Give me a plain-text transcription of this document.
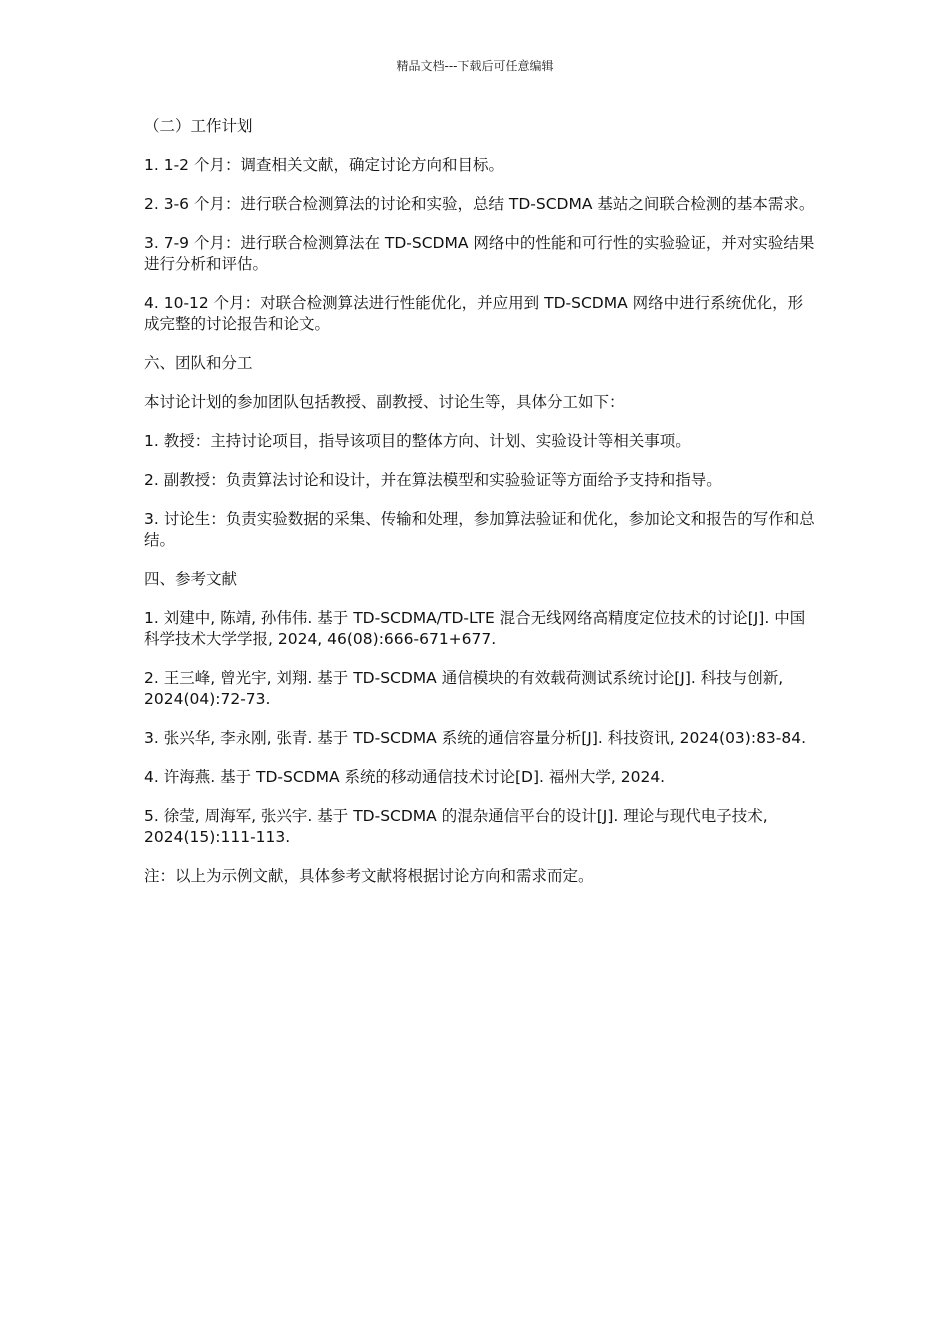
精品文档---下载后可任意编辑

（二）工作计划

1. 1-2 个月：调查相关文献，确定讨论方向和目标。

2. 3-6 个月：进行联合检测算法的讨论和实验，总结 TD-SCDMA 基站之间联合检测的基本需求。

3. 7-9 个月：进行联合检测算法在 TD-SCDMA 网络中的性能和可行性的实验验证，并对实验结果进行分析和评估。

4. 10-12 个月：对联合检测算法进行性能优化，并应用到 TD-SCDMA 网络中进行系统优化，形成完整的讨论报告和论文。

六、团队和分工

本讨论计划的参加团队包括教授、副教授、讨论生等，具体分工如下：

1. 教授：主持讨论项目，指导该项目的整体方向、计划、实验设计等相关事项。

2. 副教授：负责算法讨论和设计，并在算法模型和实验验证等方面给予支持和指导。

3. 讨论生：负责实验数据的采集、传输和处理，参加算法验证和优化，参加论文和报告的写作和总结。

四、参考文献

1. 刘建中, 陈靖, 孙伟伟. 基于 TD-SCDMA/TD-LTE 混合无线网络高精度定位技术的讨论[J]. 中国科学技术大学学报, 2024, 46(08):666-671+677.

2. 王三峰, 曾光宇, 刘翔. 基于 TD-SCDMA 通信模块的有效载荷测试系统讨论[J]. 科技与创新, 2024(04):72-73.

3. 张兴华, 李永刚, 张青. 基于 TD-SCDMA 系统的通信容量分析[J]. 科技资讯, 2024(03):83-84.

4. 许海燕. 基于 TD-SCDMA 系统的移动通信技术讨论[D]. 福州大学, 2024.

5. 徐莹, 周海军, 张兴宇. 基于 TD-SCDMA 的混杂通信平台的设计[J]. 理论与现代电子技术, 2024(15):111-113.

注：以上为示例文献，具体参考文献将根据讨论方向和需求而定。
